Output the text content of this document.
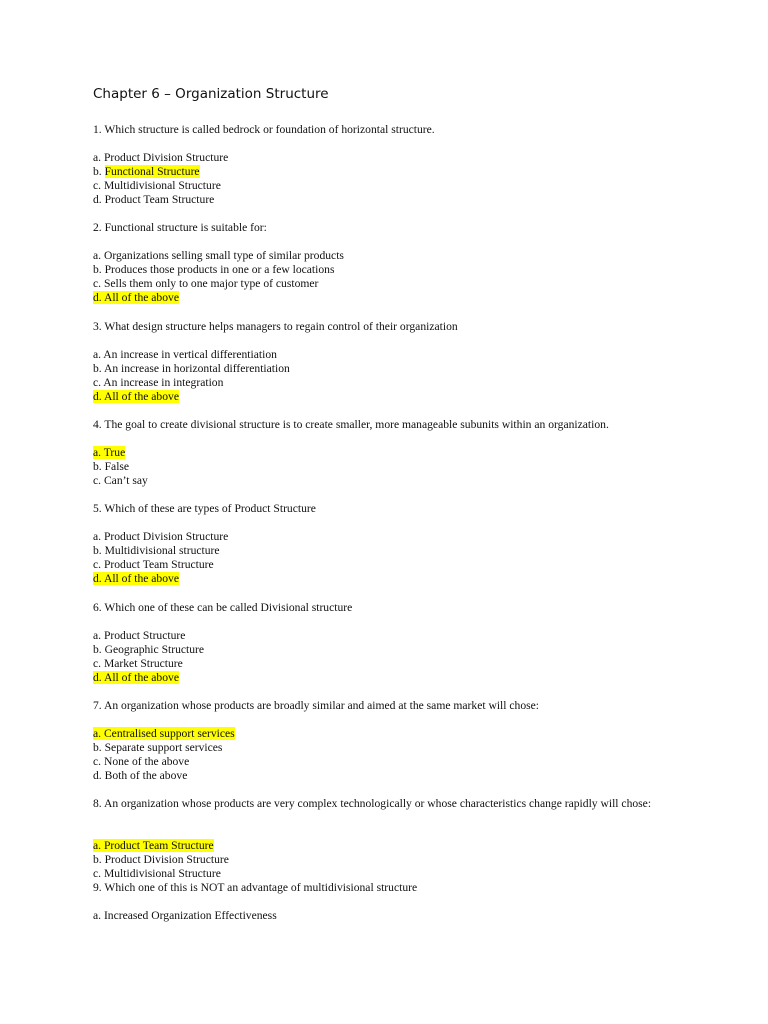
Chapter 6 – Organization Structure
1. Which structure is called bedrock or foundation of horizontal structure.
a. Product Division Structure
b. Functional Structure
c. Multidivisional Structure
d. Product Team Structure
2. Functional structure is suitable for:
a. Organizations selling small type of similar products
b. Produces those products in one or a few locations
c. Sells them only to one major type of customer
d. All of the above
3. What design structure helps managers to regain control of their organization
a. An increase in vertical differentiation
b. An increase in horizontal differentiation
c. An increase in integration
d. All of the above
4. The goal to create divisional structure is to create smaller, more manageable subunits within an organization.
a. True
b. False
c. Can’t say
5. Which of these are types of Product Structure
a. Product Division Structure
b. Multidivisional structure
c. Product Team Structure
d. All of the above
6. Which one of these can be called Divisional structure
a. Product Structure
b. Geographic Structure
c. Market Structure
d. All of the above
7. An organization whose products are broadly similar and aimed at the same market will chose:
a. Centralised support services
b. Separate support services
c. None of the above
d. Both of the above
8. An organization whose products are very complex technologically or whose characteristics change rapidly will chose:
a. Product Team Structure
b. Product Division Structure
c. Multidivisional Structure
9. Which one of this is NOT an advantage of multidivisional structure
a. Increased Organization Effectiveness
